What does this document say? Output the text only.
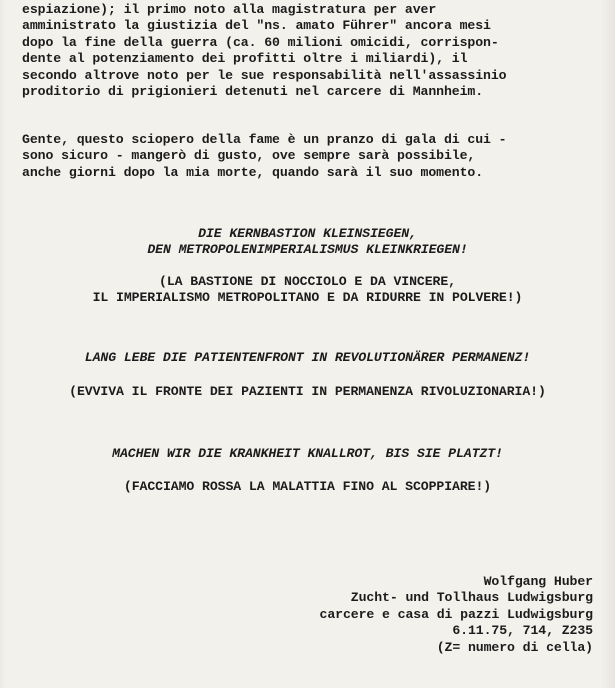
espiazione); il primo noto alla magistratura per aver
amministrato la giustizia del "ns. amato Führer" ancora mesi
dopo la fine della guerra (ca. 60 milioni omicidi, corrispon-
dente al potenziamento dei profitti oltre i miliardi), il
secondo altrove noto per le sue responsabilità nell'assassinio
proditorio di prigionieri detenuti nel carcere di Mannheim.
Gente, questo sciopero della fame è un pranzo di gala di cui -
sono sicuro - mangerò di gusto, ove sempre sarà possibile,
anche giorni dopo la mia morte, quando sarà il suo momento.
DIE KERNBASTION KLEINSIEGEN,
DEN METROPOLENIMPERIALISMUS KLEINKRIEGEN!
(LA BASTIONE DI NOCCIOLO E DA VINCERE,
IL IMPERIALISMO METROPOLITANO E DA RIDURRE IN POLVERE!)
LANG LEBE DIE PATIENTENFRONT IN REVOLUTIONÄRER PERMANENZ!
(EVVIVA IL FRONTE DEI PAZIENTI IN PERMANENZA RIVOLUZIONARIA!)
MACHEN WIR DIE KRANKHEIT KNALLROT, BIS SIE PLATZT!
(FACCIAMO ROSSA LA MALATTIA FINO AL SCOPPIARE!)
Wolfgang Huber
Zucht- und Tollhaus Ludwigsburg
carcere e casa di pazzi Ludwigsburg
6.11.75, 714, Z235
(Z= numero di cella)
